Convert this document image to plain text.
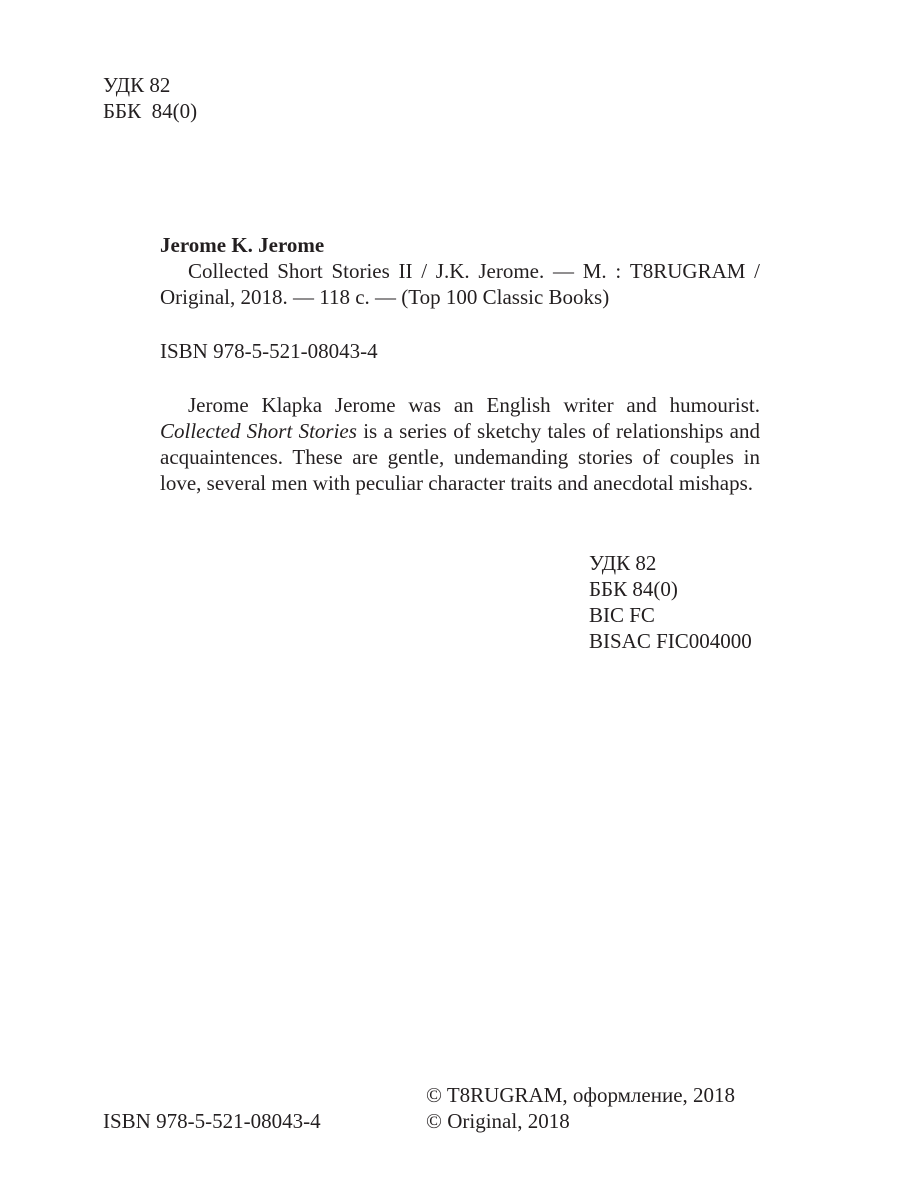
УДК 82
ББК  84(0)
Jerome K. Jerome
Collected Short Stories II / J.K. Jerome. — М. : T8RUGRAM / Original, 2018. — 118 с. — (Top 100 Classic Books)
ISBN 978-5-521-08043-4
Jerome Klapka Jerome was an English writer and humourist. Collected Short Stories is a series of sketchy tales of relationships and acquaintences. These are gentle, undemanding stories of couples in love, several men with peculiar character traits and anecdotal mishaps.
УДК 82
ББК 84(0)
BIC FC
BISAC FIC004000
ISBN 978-5-521-08043-4
© T8RUGRAM, оформление, 2018
© Original, 2018
